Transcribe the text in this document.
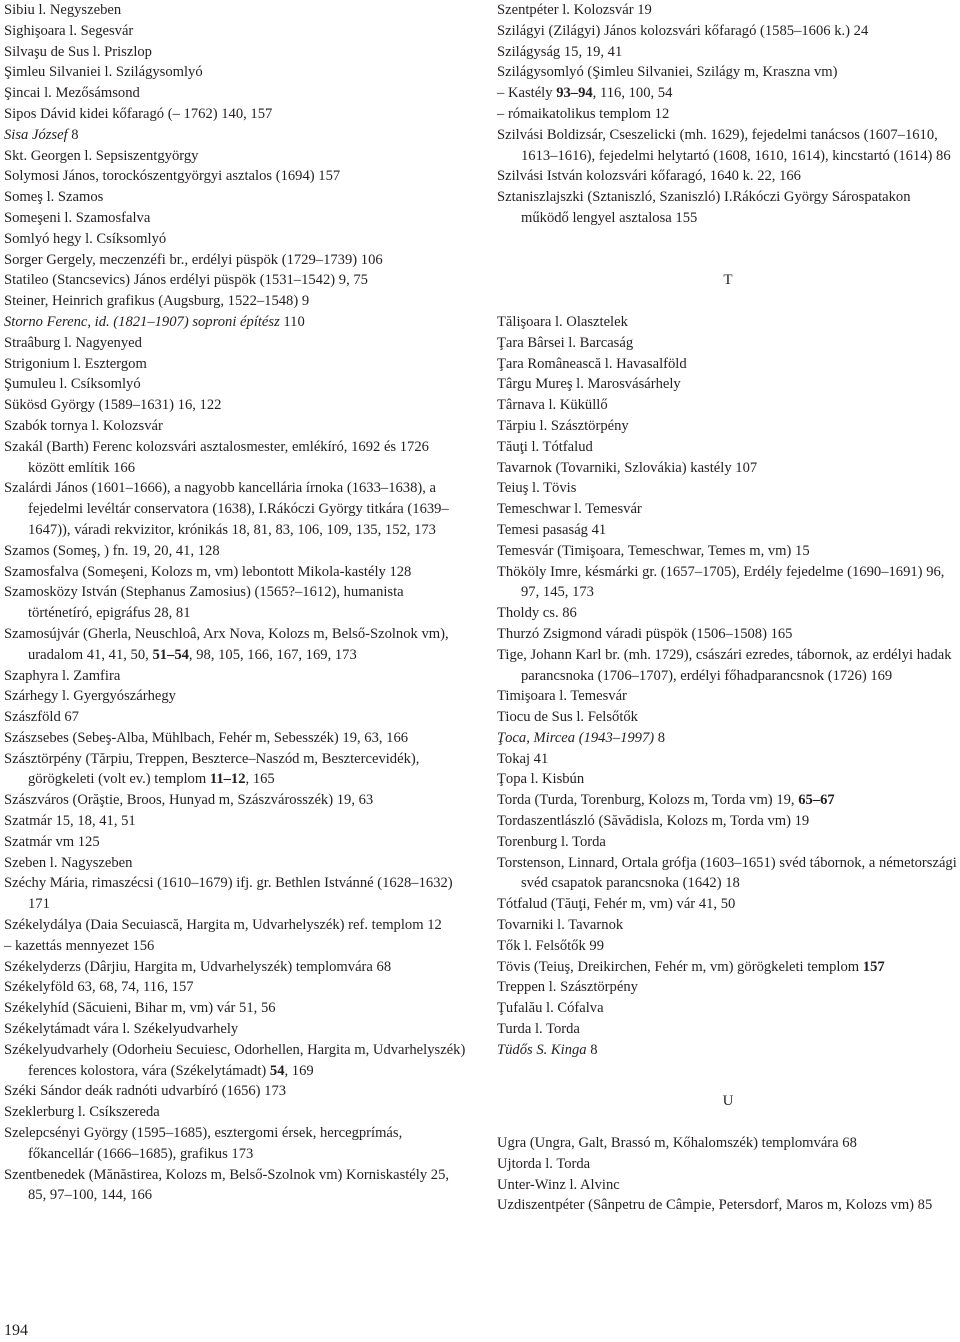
Sibiu l. Negyszeben

Sighişoara l. Segesvár

Silvaşu de Sus l. Priszlop

Şimleu Silvaniei l. Szilágysomlyó

Şincai l. Mezősámsond

Sipos Dávid kidei kőfaragó (– 1762) 140, 157

Sisa József 8

Skt. Georgen l. Sepsiszentgyörgy

Solymosi János, torockószentgyörgyi asztalos (1694) 157

Someş l. Szamos

Someşeni l. Szamosfalva

Somlyó hegy l. Csíksomlyó

Sorger Gergely, meczenzéfi br., erdélyi püspök (1729–1739) 106

Statileo (Stancsevics) János erdélyi püspök (1531–1542) 9, 75

Steiner, Heinrich grafikus (Augsburg, 1522–1548) 9

Storno Ferenc, id. (1821–1907) soproni építész 110

Straâburg l. Nagyenyed

Strigonium l. Esztergom

Şumuleu l. Csíksomlyó

Sükösd György (1589–1631) 16, 122

Szabók tornya l. Kolozsvár

Szakál (Barth) Ferenc kolozsvári asztalosmester, emlékíró, 1692 és 1726 között említik 166

Szalárdi János (1601–1666), a nagyobb kancellária írnoka (1633–1638), a fejedelmi levéltár conservatora (1638), I.Rákóczi György titkára (1639–1647)), váradi rekvizitor, krónikás 18, 81, 83, 106, 109, 135, 152, 173

Szamos (Someş, ) fn. 19, 20, 41, 128

Szamosfalva (Someşeni, Kolozs m, vm) lebontott Mikola-kastély 128

Szamosközy István (Stephanus Zamosius) (1565?–1612), humanista történetíró, epigráfus 28, 81

Szamosújvár (Gherla, Neuschloâ, Arx Nova, Kolozs m, Belső-Szolnok vm), uradalom 41, 41, 50, 51–54, 98, 105, 166, 167, 169, 173

Szaphyra l. Zamfira

Szárhegy l. Gyergyószárhegy

Szászföld 67

Szászsebes (Sebeş-Alba, Mühlbach, Fehér m, Sebesszék) 19, 63, 166

Szásztörpény (Tărpiu, Treppen, Beszterce–Naszód m, Besztercevidék), görögkeleti (volt ev.) templom 11–12, 165

Szászváros (Orăştie, Broos, Hunyad m, Szászvárosszék) 19, 63

Szatmár 15, 18, 41, 51

Szatmár vm 125

Szeben l. Nagyszeben

Széchy Mária, rimaszécsi (1610–1679) ifj. gr. Bethlen Istvánné (1628–1632) 171

Székelydálya (Daia Secuiască, Hargita m, Udvarhelyszék) ref. templom 12

– kazettás mennyezet 156

Székelyderzs (Dârjiu, Hargita m, Udvarhelyszék) templomvára 68

Székelyföld 63, 68, 74, 116, 157

Székelyhíd (Săcuieni, Bihar m, vm) vár 51, 56

Székelytámadt vára l. Székelyudvarhely

Székelyudvarhely (Odorheiu Secuiesc, Odorhellen, Hargita m, Udvarhelyszék) ferences kolostora, vára (Székelytámadt) 54, 169

Széki Sándor deák radnóti udvarbíró (1656) 173

Szeklerburg l. Csíkszereda

Szelepcsényi György (1595–1685), esztergomi érsek, hercegprímás, főkancellár (1666–1685), grafikus 173

Szentbenedek (Mănăstirea, Kolozs m, Belső-Szolnok vm) Korniskastély 25, 85, 97–100, 144, 166

Szentpéter l. Kolozsvár 19

Szilágyi (Zilágyi) János kolozsvári kőfaragó (1585–1606 k.) 24

Szilágyság 15, 19, 41

Szilágysomlyó (Şimleu Silvaniei, Szilágy m, Kraszna vm)

– Kastély 93–94, 116, 100, 54

– rómaikatolikus templom 12

Szilvási Boldizsár, Cseszelicki (mh. 1629), fejedelmi tanácsos (1607–1610, 1613–1616), fejedelmi helytartó (1608, 1610, 1614), kincstartó (1614) 86

Szilvási István kolozsvári kőfaragó, 1640 k. 22, 166

Sztaniszlajszki (Sztaniszló, Szaniszló) I.Rákóczi György Sárospatakon működő lengyel asztalosa 155

T

Tălişoara l. Olasztelek

Ţara Bârsei l. Barcaság

Ţara Românească l. Havasalföld

Târgu Mureş l. Marosvásárhely

Târnava l. Küküllő

Tărpiu l. Szásztörpény

Tăuţi l. Tótfalud

Tavarnok (Tovarniki, Szlovákia) kastély 107

Teiuş l. Tövis

Temeschwar l. Temesvár

Temesi pasaság 41

Temesvár (Timişoara, Temeschwar, Temes m, vm) 15

Thököly Imre, késmárki gr. (1657–1705), Erdély fejedelme (1690–1691) 96, 97, 145, 173

Tholdy cs. 86

Thurzó Zsigmond váradi püspök (1506–1508) 165

Tige, Johann Karl br. (mh. 1729), császári ezredes, tábornok, az erdélyi hadak parancsnoka (1706–1707), erdélyi főhadparancsnok (1726) 169

Timişoara l. Temesvár

Tiocu de Sus l. Felsőtők

Ţoca, Mircea (1943–1997) 8

Tokaj 41

Ţopa l. Kisbún

Torda (Turda, Torenburg, Kolozs m, Torda vm) 19, 65–67

Tordaszentlászló (Săvădisla, Kolozs m, Torda vm) 19

Torenburg l. Torda

Torstenson, Linnard, Ortala grófja (1603–1651) svéd tábornok, a németországi svéd csapatok parancsnoka (1642) 18

Tótfalud (Tăuţi, Fehér m, vm) vár 41, 50

Tovarniki l. Tavarnok

Tők l. Felsőtők 99

Tövis (Teiuş, Dreikirchen, Fehér m, vm) görögkeleti templom 157

Treppen l. Szásztörpény

Ţufalău l. Cófalva

Turda l. Torda

Tüdős S. Kinga 8

U

Ugra (Ungra, Galt, Brassó m, Kőhalomszék) templomvára 68

Ujtorda l. Torda

Unter-Winz l. Alvinc

Uzdiszentpéter (Sânpetru de Câmpie, Petersdorf, Maros m, Kolozs vm) 85

194
